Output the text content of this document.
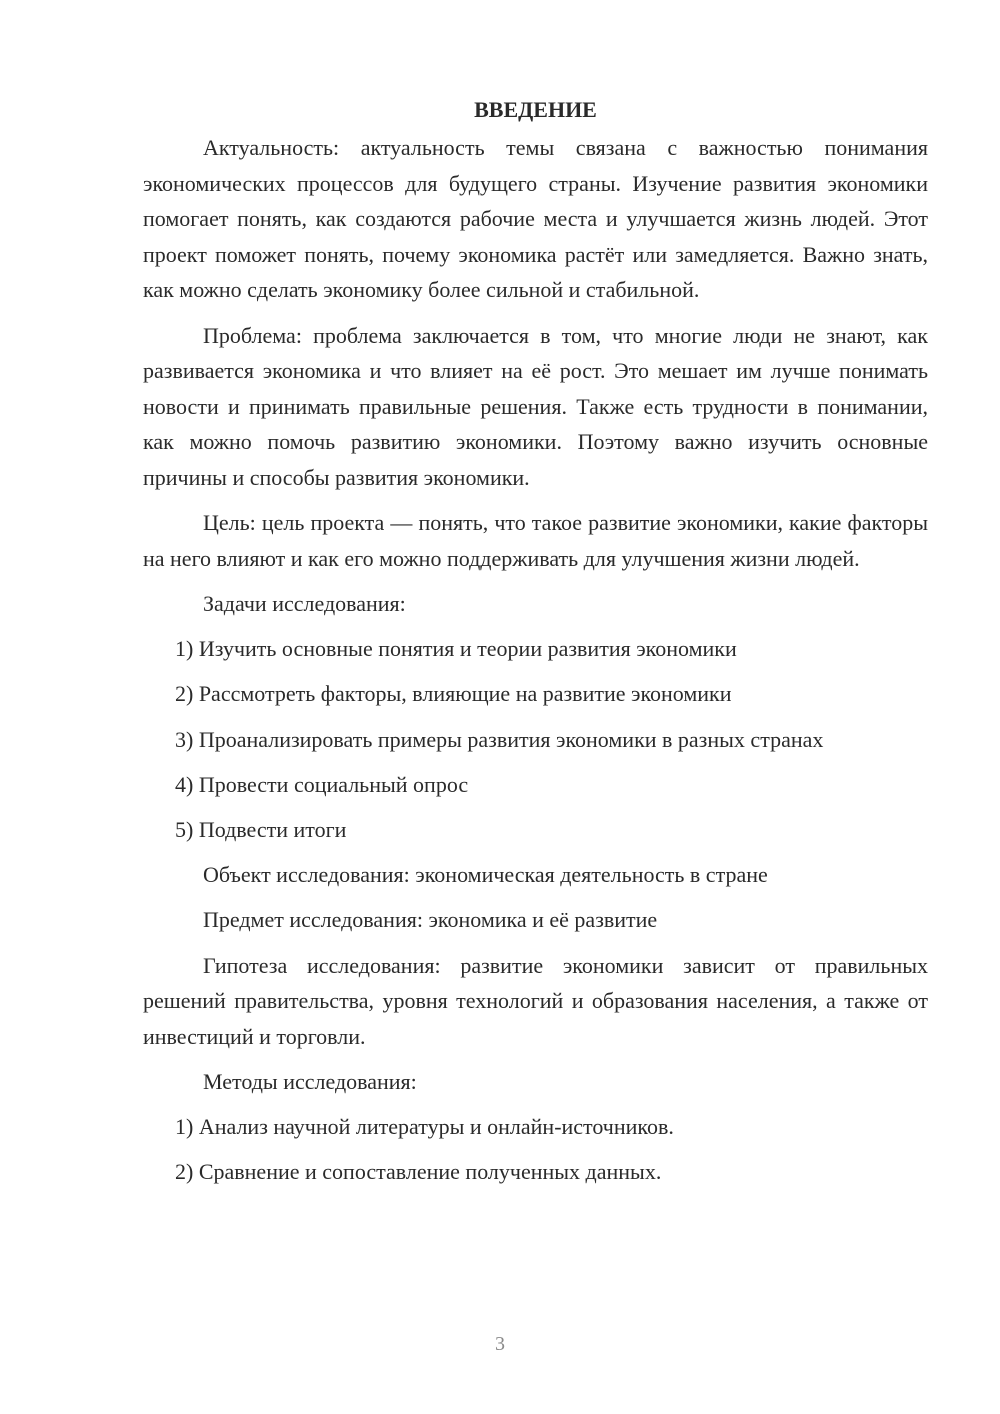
ВВЕДЕНИЕ

Актуальность: актуальность темы связана с важностью понимания экономических процессов для будущего страны. Изучение развития экономики помогает понять, как создаются рабочие места и улучшается жизнь людей. Этот проект поможет понять, почему экономика растёт или замедляется. Важно знать, как можно сделать экономику более сильной и стабильной.

Проблема: проблема заключается в том, что многие люди не знают, как развивается экономика и что влияет на её рост. Это мешает им лучше понимать новости и принимать правильные решения. Также есть трудности в понимании, как можно помочь развитию экономики. Поэтому важно изучить основные причины и способы развития экономики.

Цель: цель проекта — понять, что такое развитие экономики, какие факторы на него влияют и как его можно поддерживать для улучшения жизни людей.

Задачи исследования:
1) Изучить основные понятия и теории развития экономики
2) Рассмотреть факторы, влияющие на развитие экономики
3) Проанализировать примеры развития экономики в разных странах
4) Провести социальный опрос
5) Подвести итоги
Объект исследования: экономическая деятельность в стране
Предмет исследования: экономика и её развитие

Гипотеза исследования: развитие экономики зависит от правильных решений правительства, уровня технологий и образования населения, а также от инвестиций и торговли.

Методы исследования:
1) Анализ научной литературы и онлайн-источников.
2) Сравнение и сопоставление полученных данных.
3
